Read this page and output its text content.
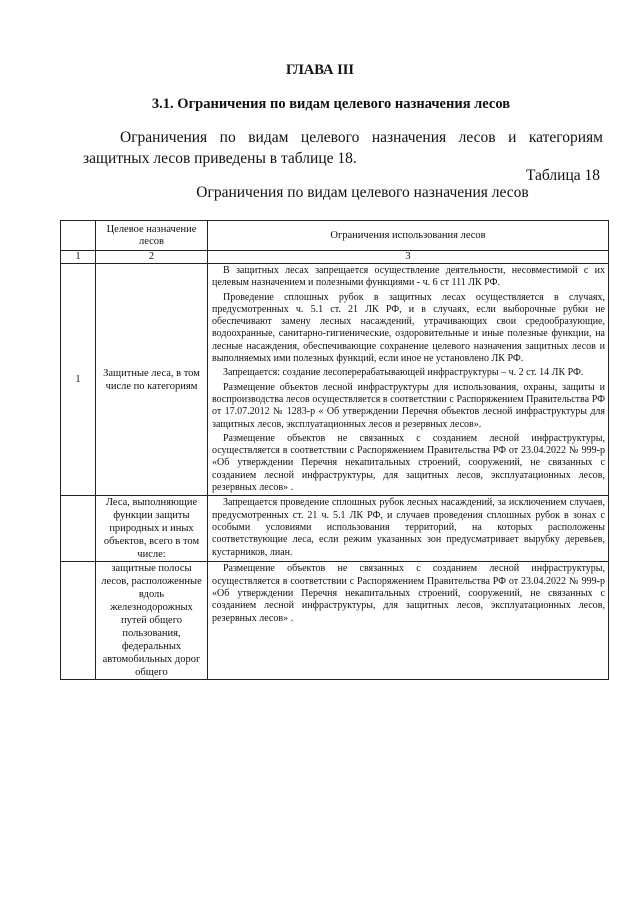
ГЛАВА III
3.1. Ограничения по видам целевого назначения лесов
Ограничения по видам целевого назначения лесов и категориям защитных лесов приведены в таблице 18.
Таблица 18
Ограничения по видам целевого назначения лесов
	Целевое назначение лесов	Ограничения использования лесов
1	2	3
1	Защитные леса, в том числе по категориям	В защитных лесах запрещается осуществление деятельности, несовместимой с их целевым назначением и полезными функциями - ч. 6 ст 111 ЛК РФ.

Проведение сплошных рубок в защитных лесах осуществляется в случаях, предусмотренных ч. 5.1 ст. 21 ЛК РФ, и в случаях, если выборочные рубки не обеспечивают замену лесных насаждений, утрачивающих свои средообразующие, водоохранные, санитарно-гигиенические, оздоровительные и иные полезные функции, на лесные насаждения, обеспечивающие сохранение целевого назначения защитных лесов и выполняемых ими полезных функций, если иное не установлено ЛК РФ.

Запрещается: создание лесоперерабатывающей инфраструктуры – ч. 2 ст. 14 ЛК РФ.

Размещение объектов лесной инфраструктуры для использования, охраны, защиты и воспроизводства лесов осуществляется в соответствии с Распоряжением Правительства РФ от 17.07.2012 № 1283-р « Об утверждении Перечня объектов лесной инфраструктуры для защитных лесов, эксплуатационных лесов и резервных лесов».

Размещение объектов не связанных с созданием лесной инфраструктуры, осуществляется в соответствии с Распоряжением Правительства РФ от 23.04.2022 № 999-р «Об утверждении Перечня некапитальных строений, сооружений, не связанных с созданием лесной инфраструктуры, для защитных лесов, эксплуатационных лесов, резервных лесов» .

	Леса, выполняющие функции защиты природных и иных объектов, всего в том числе:	Запрещается проведение сплошных рубок лесных насаждений, за исключением случаев, предусмотренных ст. 21 ч. 5.1 ЛК РФ, и случаев проведения сплошных рубок в зонах с особыми условиями использования территорий, на которых расположены соответствующие леса, если режим указанных зон предусматривает вырубку деревьев, кустарников, лиан.

	защитные полосы лесов, расположенные вдоль железнодорожных путей общего пользования, федеральных автомобильных дорог общего	Размещение объектов не связанных с созданием лесной инфраструктуры, осуществляется в соответствии с Распоряжением Правительства РФ от 23.04.2022 № 999-р «Об утверждении Перечня некапитальных строений, сооружений, не связанных с созданием лесной инфраструктуры, для защитных лесов, эксплуатационных лесов, резервных лесов» .
